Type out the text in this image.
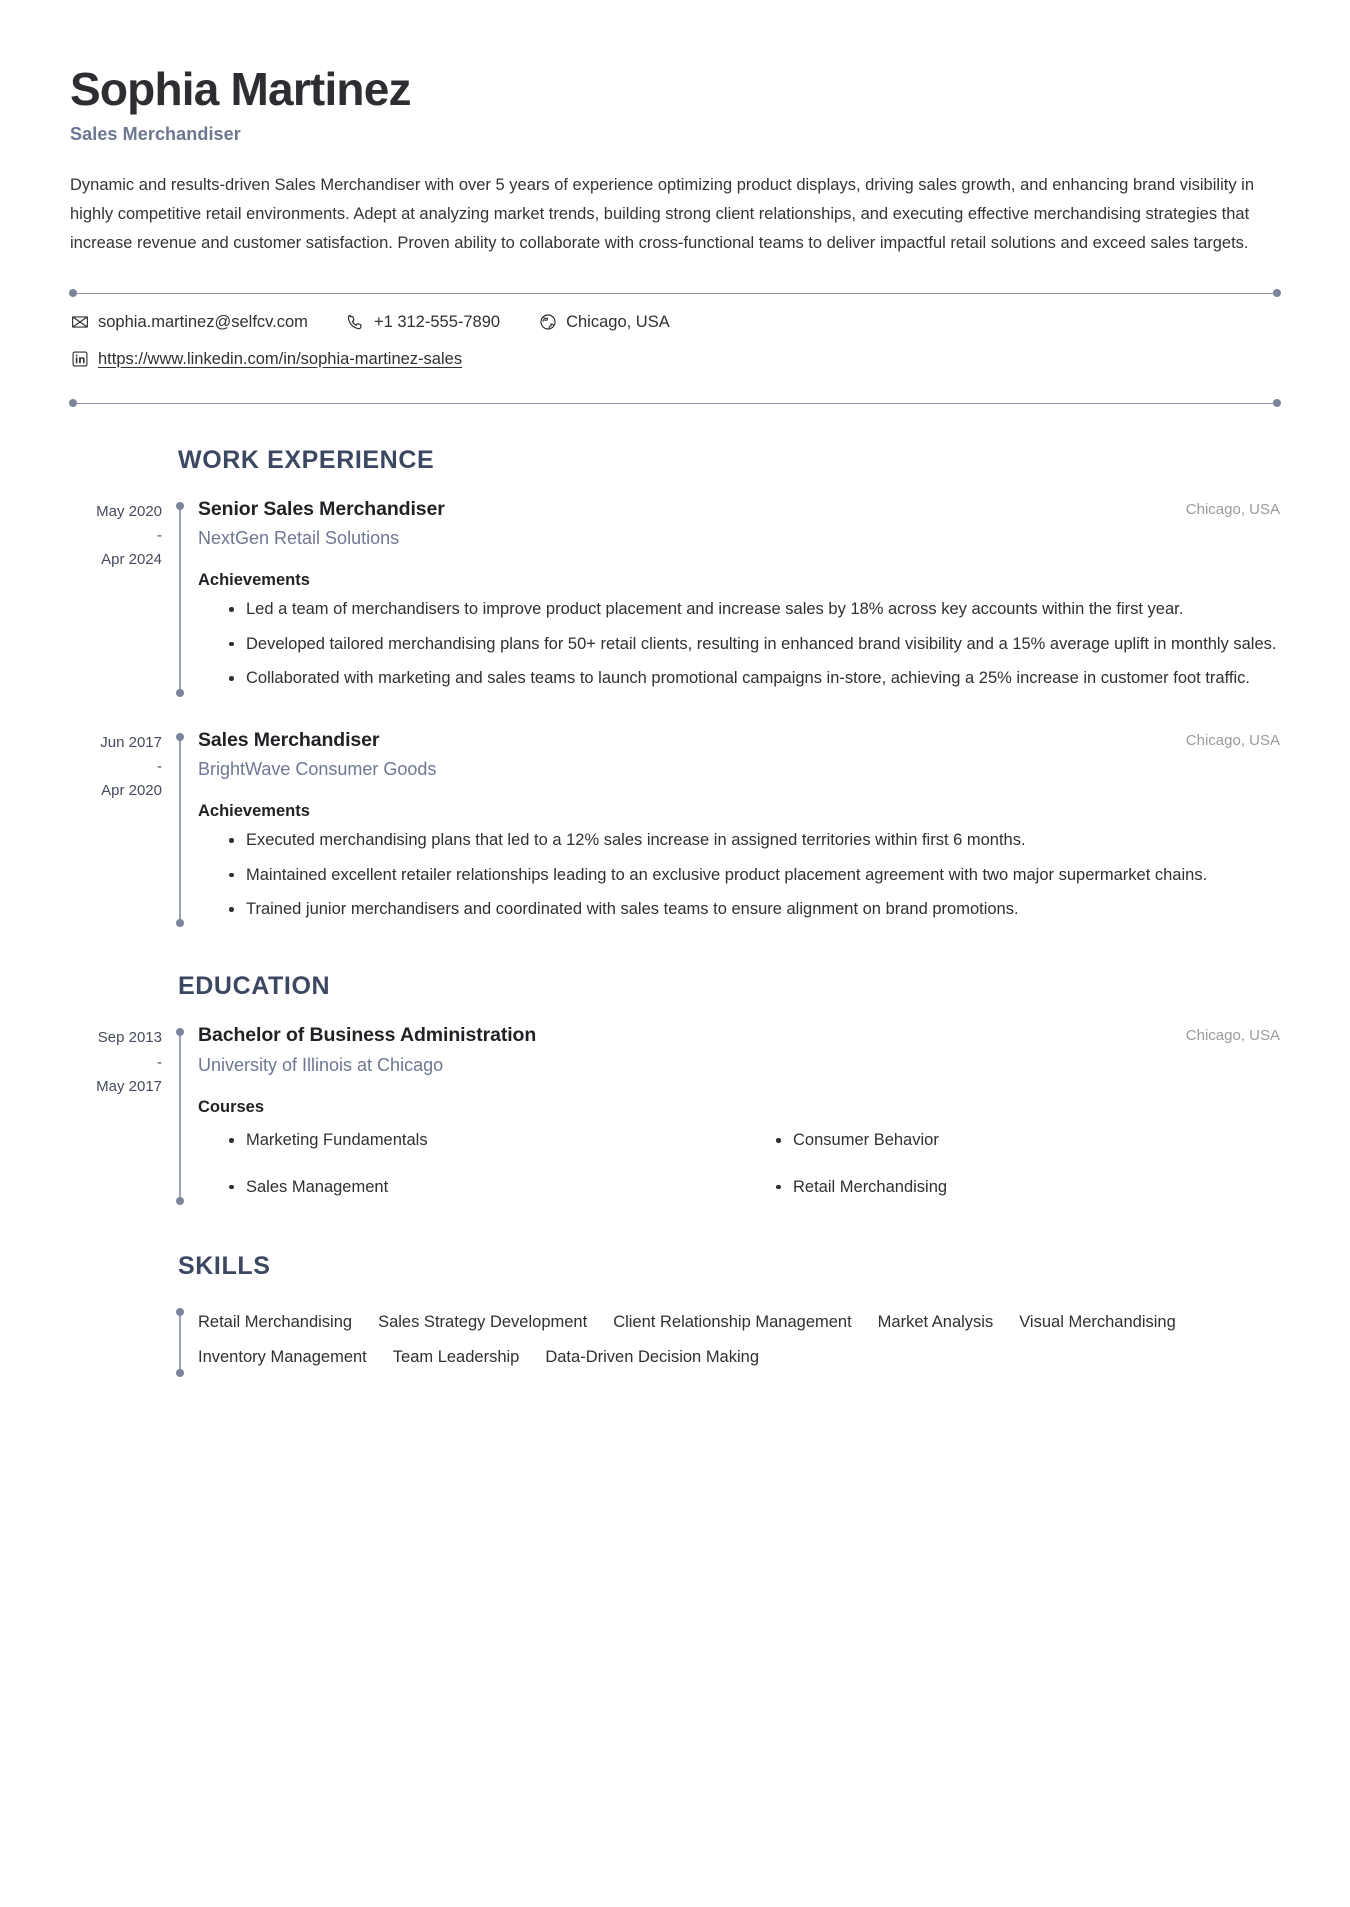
Sophia Martinez
Sales Merchandiser

Dynamic and results-driven Sales Merchandiser with over 5 years of experience optimizing product displays, driving sales growth, and enhancing brand visibility in highly competitive retail environments. Adept at analyzing market trends, building strong client relationships, and executing effective merchandising strategies that increase revenue and customer satisfaction. Proven ability to collaborate with cross-functional teams to deliver impactful retail solutions and exceed sales targets.

sophia.martinez@selfcv.com	+1 312-555-7890	Chicago, USA
https://www.linkedin.com/in/sophia-martinez-sales
WORK EXPERIENCE
May 2020
-
Apr 2024
Senior Sales Merchandiser	Chicago, USA
NextGen Retail Solutions
Achievements
Led a team of merchandisers to improve product placement and increase sales by 18% across key accounts within the first year.
Developed tailored merchandising plans for 50+ retail clients, resulting in enhanced brand visibility and a 15% average uplift in monthly sales.
Collaborated with marketing and sales teams to launch promotional campaigns in-store, achieving a 25% increase in customer foot traffic.
Jun 2017
-
Apr 2020
Sales Merchandiser	Chicago, USA
BrightWave Consumer Goods
Achievements
Executed merchandising plans that led to a 12% sales increase in assigned territories within first 6 months.
Maintained excellent retailer relationships leading to an exclusive product placement agreement with two major supermarket chains.
Trained junior merchandisers and coordinated with sales teams to ensure alignment on brand promotions.
EDUCATION
Sep 2013
-
May 2017
Bachelor of Business Administration	Chicago, USA
University of Illinois at Chicago
Courses
Marketing Fundamentals	Consumer Behavior
Sales Management	Retail Merchandising
SKILLS
Retail Merchandising Sales Strategy Development Client Relationship Management Market Analysis Visual Merchandising
Inventory Management Team Leadership Data-Driven Decision Making
